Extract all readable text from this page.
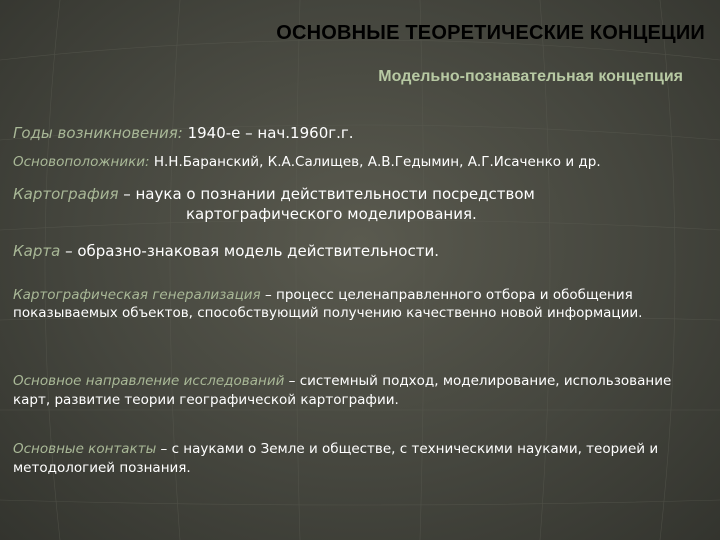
ОСНОВНЫЕ ТЕОРЕТИЧЕСКИЕ КОНЦЕЦИИ
Модельно-познавательная концепция
Годы возникновения: 1940-е – нач.1960г.г.
Основоположники: Н.Н.Баранский, К.А.Салищев, А.В.Гедымин, А.Г.Исаченко и др.
Картография – наука о познании действительности посредством
картографического моделирования.
Карта – образно-знаковая модель действительности.
Картографическая генерализация – процесс целенаправленного отбора и обобщения показываемых объектов, способствующий получению качественно новой информации.
Основное направление исследований – системный подход, моделирование, использование карт, развитие теории географической картографии.
Основные контакты – с науками о Земле и обществе, с техническими науками, теорией и методологией познания.
